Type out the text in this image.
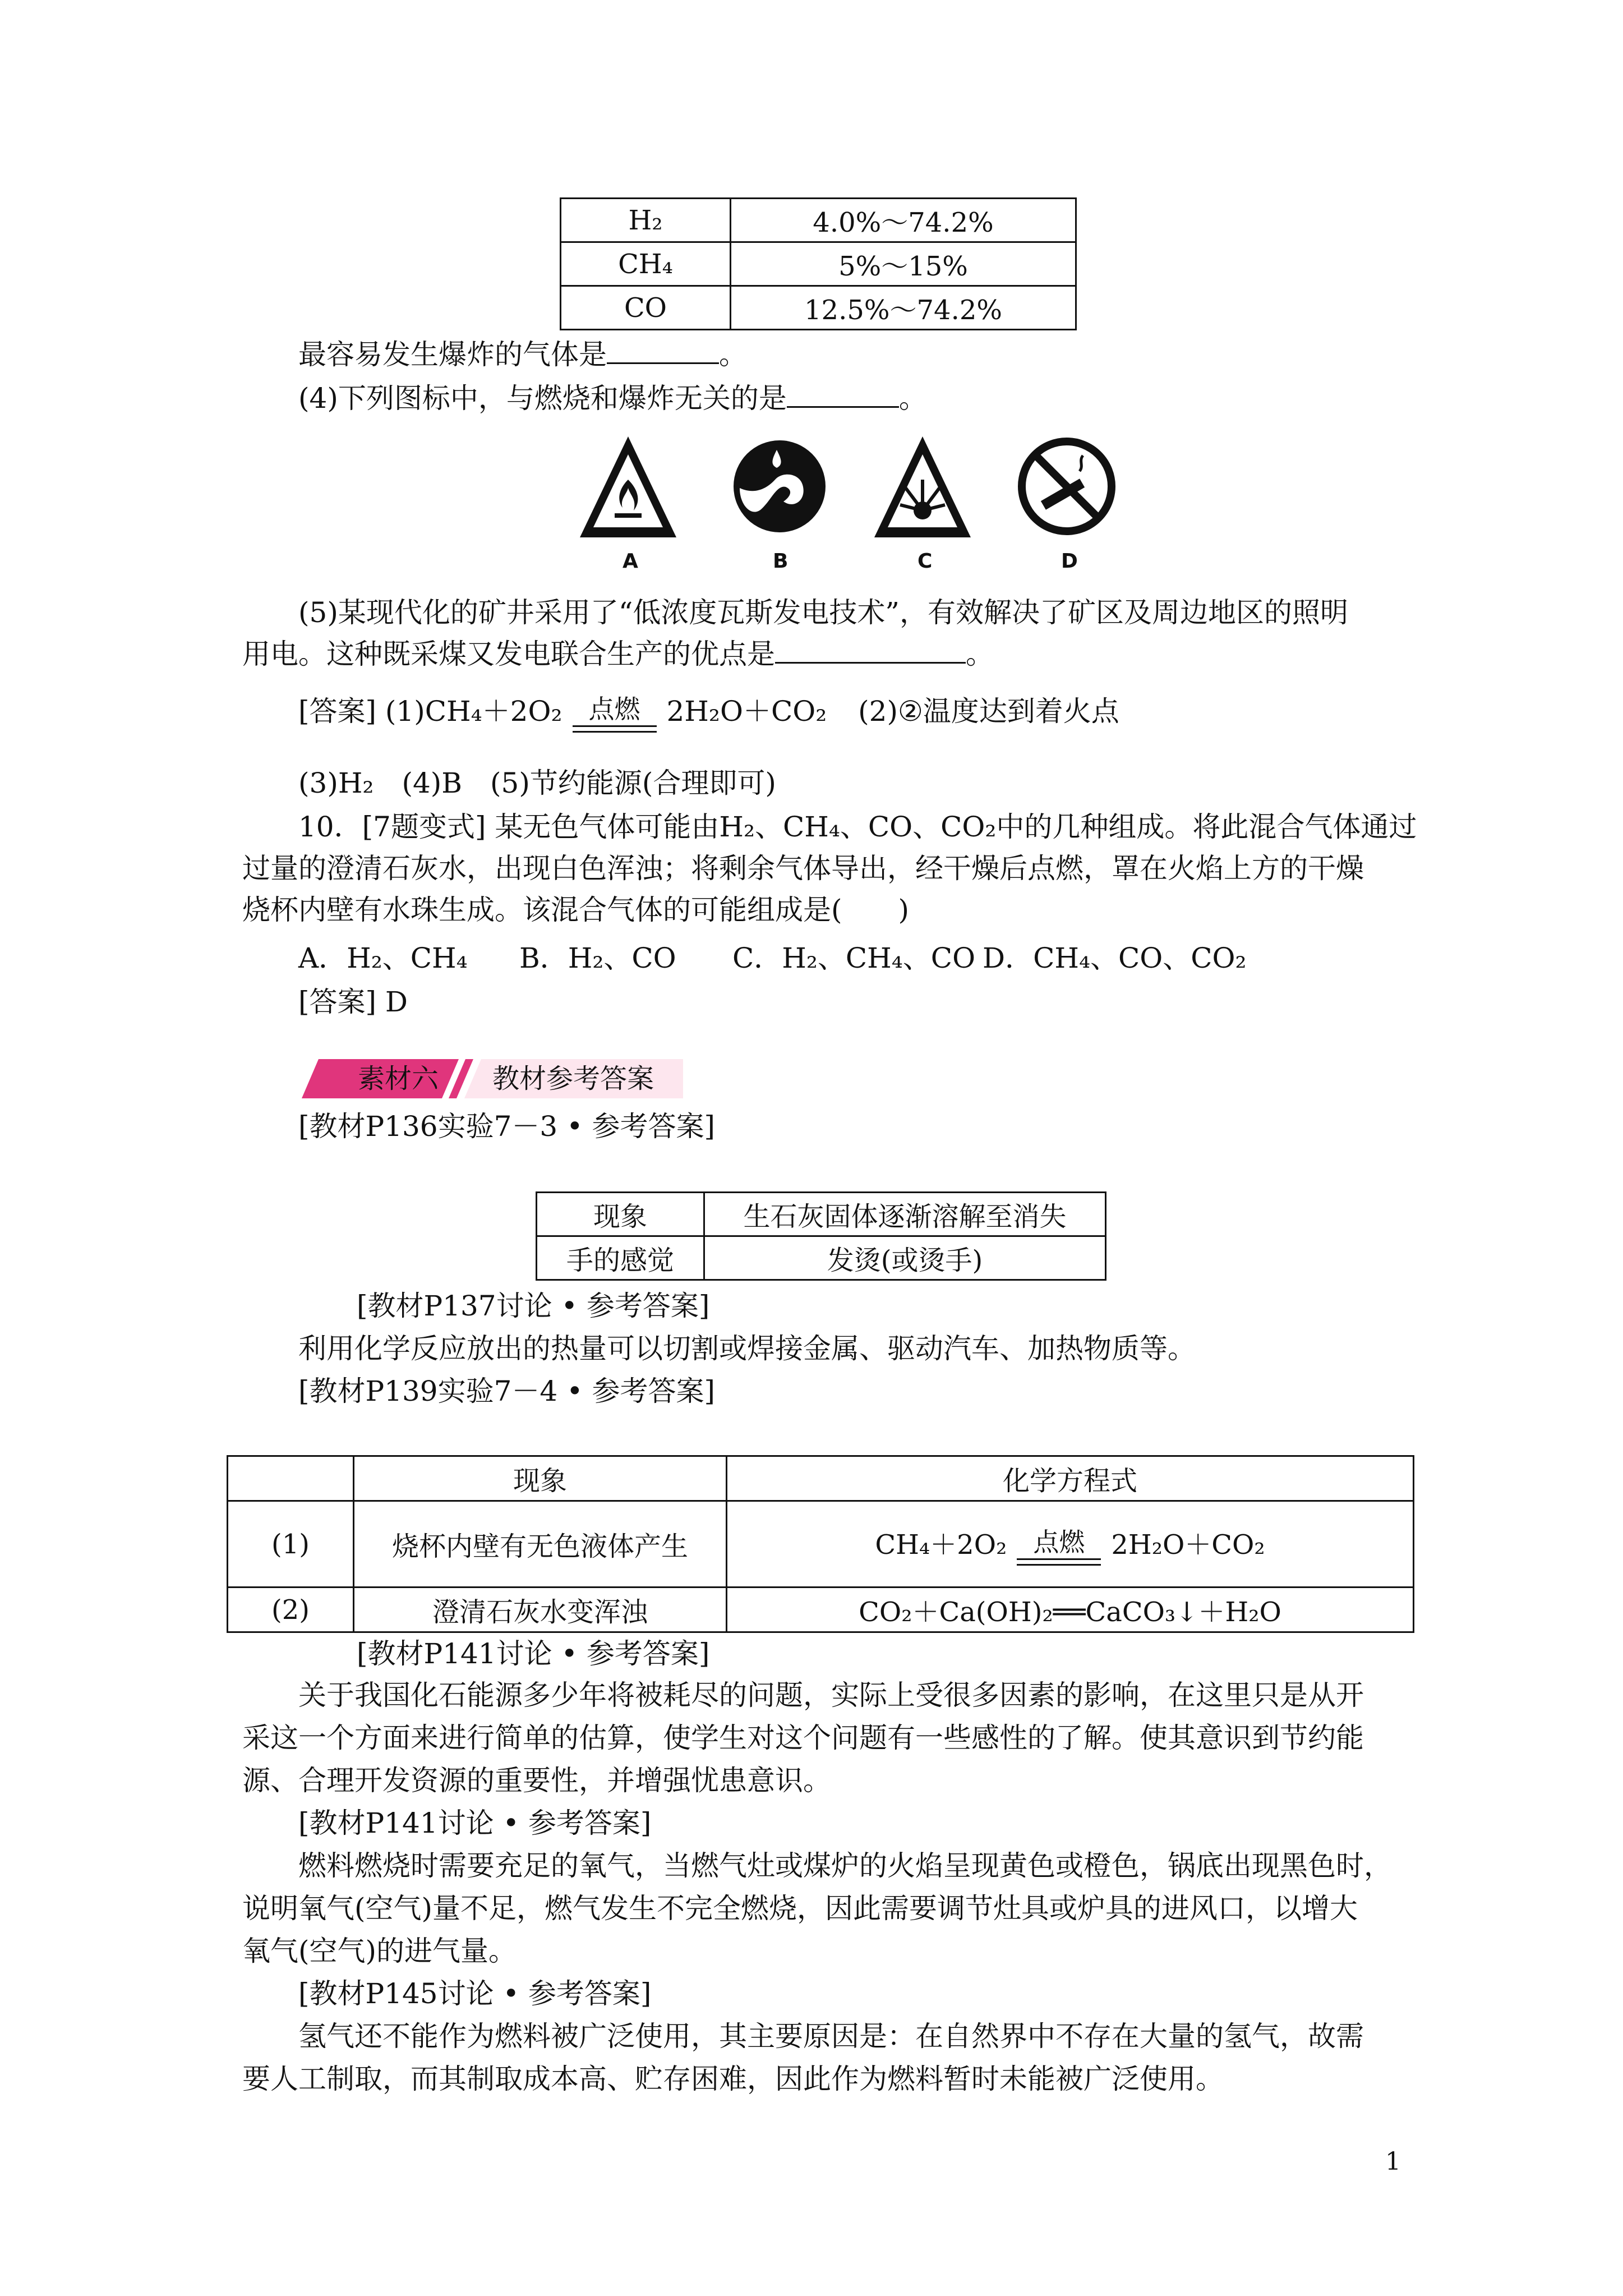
H₂	4.0%～74.2%
CH₄	5%～15%
CO	12.5%～74.2%
最容易发生爆炸的气体是	。
(4)下列图标中，与燃烧和爆炸无关的是	。
A	B	C	D
(5)某现代化的矿井采用了“低浓度瓦斯发电技术”，有效解决了矿区及周边地区的照明
用电。这种既采煤又发电联合生产的优点是	。
[答案] (1)CH₄＋2O₂	点燃 2H₂O＋CO₂ (2)②温度达到着火点
(3)H₂　(4)B　(5)节约能源(合理即可)
10．[7题变式] 某无色气体可能由H₂、CH₄、CO、CO₂中的几种组成。将此混合气体通过
过量的澄清石灰水，出现白色浑浊；将剩余气体导出，经干燥后点燃，罩在火焰上方的干燥
烧杯内壁有水珠生成。该混合气体的可能组成是(　　)
A．H₂、CH₄ B．H₂、CO C．H₂、CH₄、CO D．CH₄、CO、CO₂
[答案] D
素材六 教材参考答案
[教材P136实验7－3 • 参考答案]
现象	生石灰固体逐渐溶解至消失
手的感觉	发烫(或烫手)
[教材P137讨论 • 参考答案]
利用化学反应放出的热量可以切割或焊接金属、驱动汽车、加热物质等。
[教材P139实验7－4 • 参考答案]
	现象	化学方程式
(1)	烧杯内壁有无色液体产生	CH₄＋2O₂ 点燃 2H₂O＋CO₂
(2)	澄清石灰水变浑浊	CO₂＋Ca(OH)₂══CaCO₃↓＋H₂O
[教材P141讨论 • 参考答案]
关于我国化石能源多少年将被耗尽的问题，实际上受很多因素的影响，在这里只是从开
采这一个方面来进行简单的估算，使学生对这个问题有一些感性的了解。使其意识到节约能
源、合理开发资源的重要性，并增强忧患意识。
[教材P141讨论 • 参考答案]
燃料燃烧时需要充足的氧气，当燃气灶或煤炉的火焰呈现黄色或橙色，锅底出现黑色时，
说明氧气(空气)量不足，燃气发生不完全燃烧，因此需要调节灶具或炉具的进风口，以增大
氧气(空气)的进气量。
[教材P145讨论 • 参考答案]
氢气还不能作为燃料被广泛使用，其主要原因是：在自然界中不存在大量的氢气，故需
要人工制取，而其制取成本高、贮存困难，因此作为燃料暂时未能被广泛使用。
1
